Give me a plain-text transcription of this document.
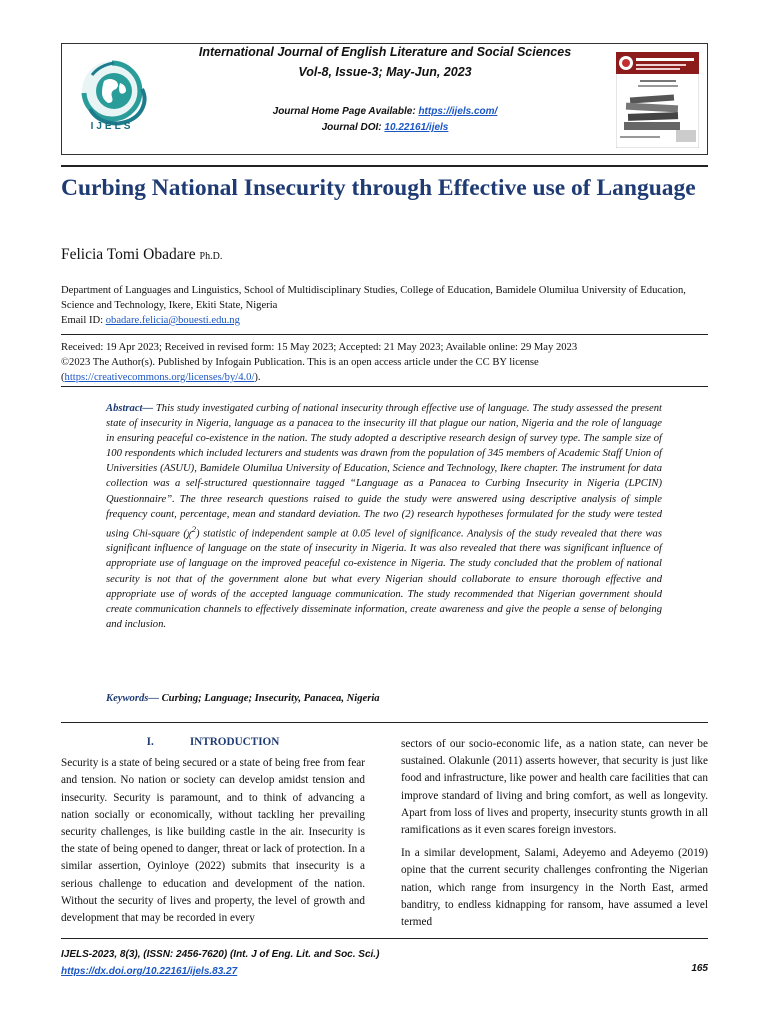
IJELS
International Journal of English Literature and Social Sciences
Vol-8, Issue-3; May-Jun, 2023
Journal Home Page Available: https://ijels.com/
Journal DOI: 10.22161/ijels
Curbing National Insecurity through Effective use of Language
Felicia Tomi Obadare Ph.D.
Department of Languages and Linguistics, School of Multidisciplinary Studies, College of Education, Bamidele Olumilua University of Education, Science and Technology, Ikere, Ekiti State, Nigeria
Email ID: obadare.felicia@bouesti.edu.ng
Received: 19 Apr 2023; Received in revised form: 15 May 2023; Accepted: 21 May 2023; Available online: 29 May 2023
©2023 The Author(s). Published by Infogain Publication. This is an open access article under the CC BY license
(https://creativecommons.org/licenses/by/4.0/).
Abstract— This study investigated curbing of national insecurity through effective use of language. The study assessed the present state of insecurity in Nigeria, language as a panacea to the insecurity ill that plague our nation, Nigeria and the role of language in ensuring peaceful co-existence in the nation. The study adopted a descriptive research design of survey type. The sample size of 100 respondents which included lecturers and students was drawn from the population of 345 members of Academic Staff Union of Universities (ASUU), Bamidele Olumilua University of Education, Science and Technology, Ikere chapter. The instrument for data collection was a self-structured questionnaire tagged “Language as a Panacea to Curbing Insecurity in Nigeria (LPCIN) Questionnaire”. The three research questions raised to guide the study were answered using descriptive analysis of simple frequency count, percentage, mean and standard deviation. The two (2) research hypotheses formulated for the study were tested using Chi-square $(\chi^2)$ statistic of independent sample at 0.05 level of significance. Analysis of the study revealed that there was significant influence of language on the state of insecurity in Nigeria. It was also revealed that there was significant influence of appropriate use of language on the improved peaceful co-existence in Nigeria. The study concluded that the problem of national security is not that of the government alone but what every Nigerian should collaborate to ensure thorough effective and appropriate use of words of the accepted language communication. The study recommended that Nigerian government should create communication channels to effectively disseminate information, create awareness and give the people a sense of belonging and inclusion.
Keywords— Curbing; Language; Insecurity, Panacea, Nigeria
I.	INTRODUCTION

Security is a state of being secured or a state of being free from fear and tension. No nation or society can develop amidst tension and insecurity. Security is paramount, and to think of advancing a nation socially or economically, without tackling her prevailing security challenges, is like building castle in the air. Insecurity is the state of being opened to danger, threat or lack of protection. In a similar assertion, Oyinloye (2022) submits that insecurity is a serious challenge to education and development of the nation. Without the security of lives and property, the level of growth and development that may be recorded in every

sectors of our socio-economic life, as a nation state, can never be sustained. Olakunle (2011) asserts however, that security is just like food and infrastructure, like power and health care facilities that can improve standard of living and bring comfort, as well as longevity. Apart from loss of lives and property, insecurity stunts growth in all ramifications as it even scares foreign investors.

In a similar development, Salami, Adeyemo and Adeyemo (2019) opine that the current security challenges confronting the Nigerian nation, which range from insurgency in the North East, armed banditry, to endless kidnapping for ransom, have assumed a level termed

IJELS-2023, 8(3), (ISSN: 2456-7620) (Int. J of Eng. Lit. and Soc. Sci.)
https://dx.doi.org/10.22161/ijels.83.27	165
